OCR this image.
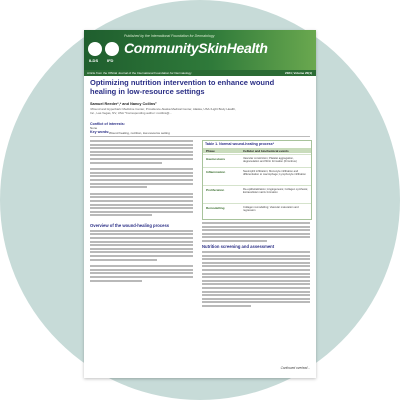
ILDS IFD
Published by the International Foundation for Dermatology
CommunitySkinHealth
Article from the Official Journal of the International Foundation for Dermatology	2024; Volume 20(1)
Optimizing nutrition intervention to enhance wound healing in low-resource settings
Samuel Reeder¹,* and Nancy Collins²
¹Wound and Hyperbaric Medicine Center, Providence Alaska Medical Center, Alaska, USA ²Light Body Health, Inc., Las Vegas, NV, USA *Corresponding author: ncollins@...
Conflict of interests:
None
Key words: Wound healing, nutrition, low-resource setting
Overview of the wound-healing process
Table 1. Normal wound-healing process*
Phase	Cellular and biochemical events
Haemostasis	Vascular constriction; Platelet aggregation, degranulation and fibrin formation (thrombus)
Inflammation	Neutrophil infiltration; Monocyte infiltration and differentiation to macrophage; Lymphocyte infiltration
Proliferation	Re-epithelialization; Angiogenesis; Collagen synthesis; Extracellular matrix formation
Remodelling	Collagen remodelling; Vascular maturation and regression
Nutrition screening and assessment
Continued overleaf...
